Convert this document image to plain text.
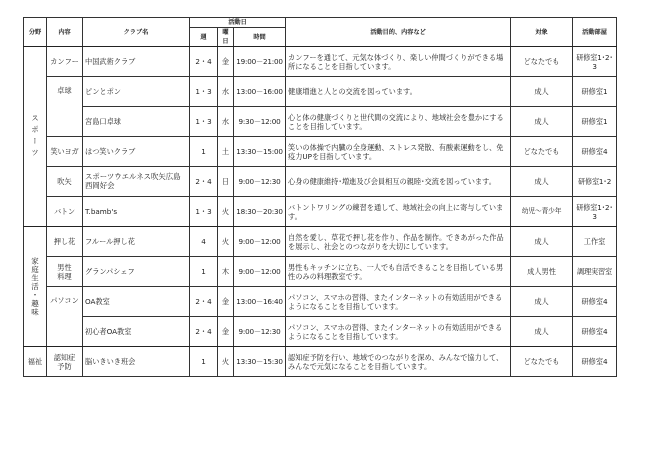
分野	内容	クラブ名	活動日			活動目的、内容など	対象	活動部屋
			週	曜日	時間			

スポーツ	カンフー	中国武術クラブ	2・4	金	19:00－21:00	カンフーを通じて、元気な体づくり、楽しい仲間づくりができる場所になることを目指しています。	どなたでも	研修室1･2･3
	卓球	ピンとポン	1・3	水	13:00－16:00	健康増進と人との交流を図っています。	成人	研修室1
		宮島口卓球	1・3	水	9:30－12:00	心と体の健康づくりと世代間の交流により、地域社会を豊かにすることを目指しています。	成人	研修室1
	笑いヨガ	はつ笑いクラブ	1	土	13:30－15:00	笑いの体操で内臓の全身運動、ストレス発散、有酸素運動をし、免疫力UPを目指しています。	どなたでも	研修室4
	吹矢	スポーツウエルネス吹矢広島西岡好会	2・4	日	9:00－12:30	心身の健康維持･増進及び会員相互の親睦･交流を図っています。	成人	研修室1･2
	バトン	T.bamb's	1・3	火	18:30－20:30	バトントワリングの練習を通して、地域社会の向上に寄与しています。	幼児～青少年	研修室1･2･3

家庭生活・趣味	押し花	フルール押し花	4	火	9:00－12:00	自然を愛し、草花で押し花を作り、作品を制作。できあがった作品を展示し、社会とのつながりを大切にしています。	成人	工作室
	男性料理	グランパシェフ	1	木	9:00－12:00	男性もキッチンに立ち、一人でも自活できることを目指している男性のみの料理教室です。	成人男性	調理実習室
	パソコン	OA教室	2・4	金	13:00－16:40	パソコン、スマホの習得、またインターネットの有効活用ができるようになることを目指しています。	成人	研修室4
		初心者OA教室	2・4	金	9:00－12:30	パソコン、スマホの習得、またインターネットの有効活用ができるようになることを目指しています。	成人	研修室4
福祉	認知症予防	脳いきいき班会	1	火	13:30－15:30	認知症予防を行い、地域でのつながりを深め、みんなで協力して、みんなで元気になることを目指しています。	どなたでも	研修室4
